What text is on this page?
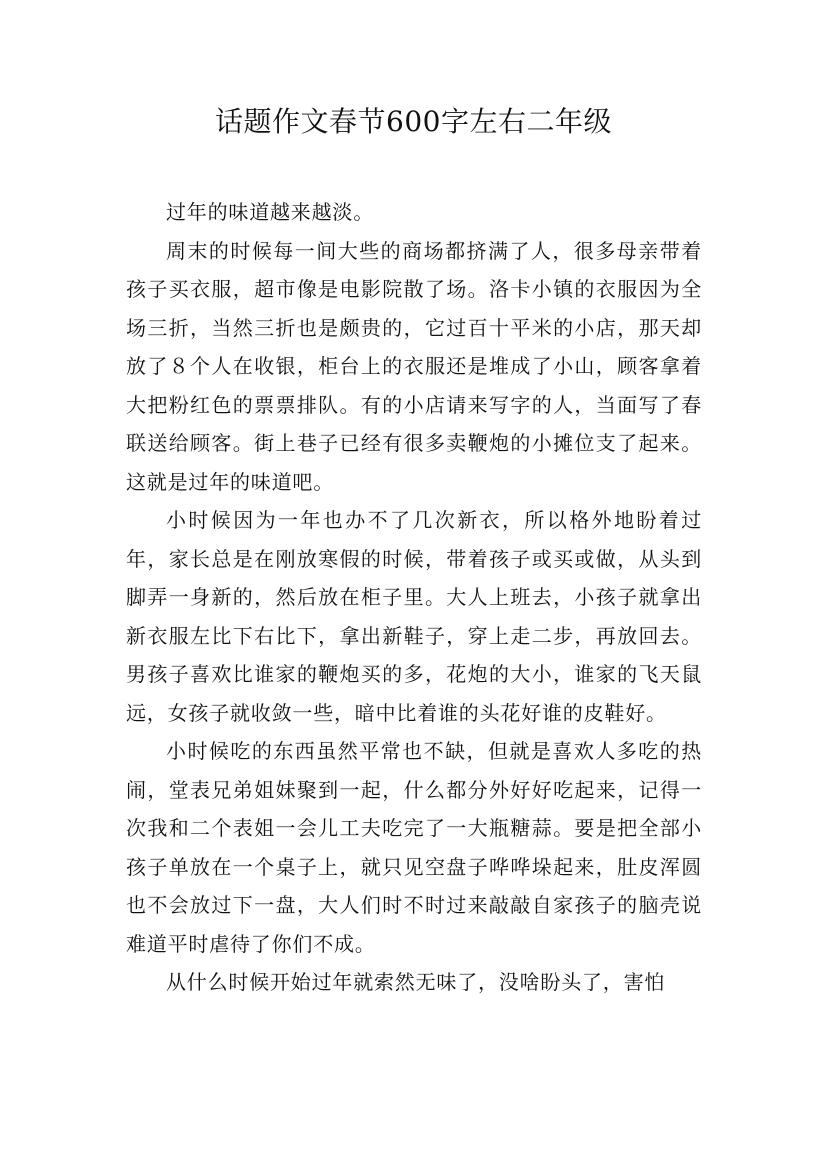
话题作文春节600字左右二年级

过年的味道越来越淡。

周末的时候每一间大些的商场都挤满了人，很多母亲带着孩子买衣服，超市像是电影院散了场。洛卡小镇的衣服因为全场三折，当然三折也是颇贵的，它过百十平米的小店，那天却放了８个人在收银，柜台上的衣服还是堆成了小山，顾客拿着大把粉红色的票票排队。有的小店请来写字的人，当面写了春联送给顾客。街上巷子已经有很多卖鞭炮的小摊位支了起来。这就是过年的味道吧。

小时候因为一年也办不了几次新衣，所以格外地盼着过年，家长总是在刚放寒假的时候，带着孩子或买或做，从头到脚弄一身新的，然后放在柜子里。大人上班去，小孩子就拿出新衣服左比下右比下，拿出新鞋子，穿上走二步，再放回去。男孩子喜欢比谁家的鞭炮买的多，花炮的大小，谁家的飞天鼠远，女孩子就收敛一些，暗中比着谁的头花好谁的皮鞋好。

小时候吃的东西虽然平常也不缺，但就是喜欢人多吃的热闹，堂表兄弟姐妹聚到一起，什么都分外好好吃起来，记得一次我和二个表姐一会儿工夫吃完了一大瓶糖蒜。要是把全部小孩子单放在一个桌子上，就只见空盘子哗哗垛起来，肚皮浑圆也不会放过下一盘，大人们时不时过来敲敲自家孩子的脑壳说难道平时虐待了你们不成。

从什么时候开始过年就索然无味了，没啥盼头了，害怕
